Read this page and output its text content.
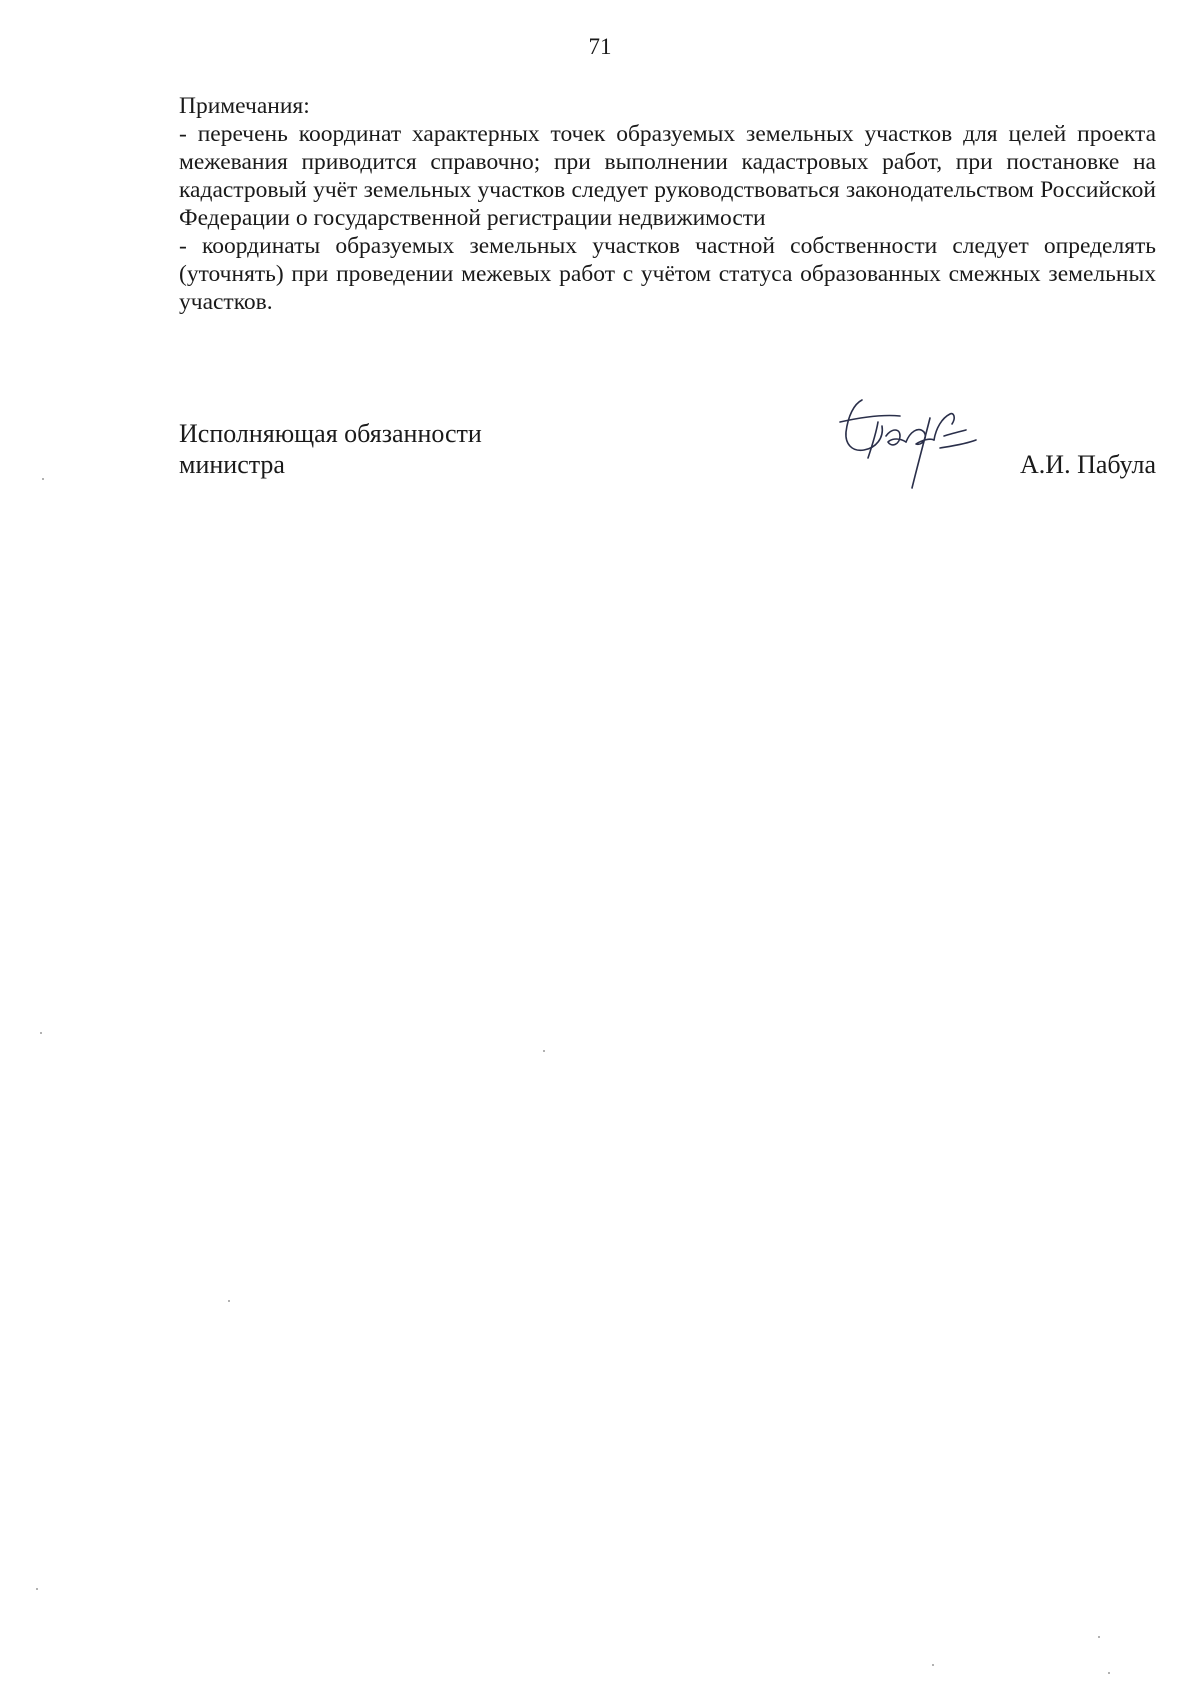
71

Примечания:

- перечень координат характерных точек образуемых земельных участков для целей проекта межевания приводится справочно; при выполнении кадастровых работ, при постановке на кадастровый учёт земельных участков следует руководствоваться законодательством Российской Федерации о государственной регистрации недвижимости

- координаты образуемых земельных участков частной собственности следует определять (уточнять) при проведении межевых работ с учётом статуса образованных смежных земельных участков.

Исполняющая обязанности
министра	А.И. Пабула
